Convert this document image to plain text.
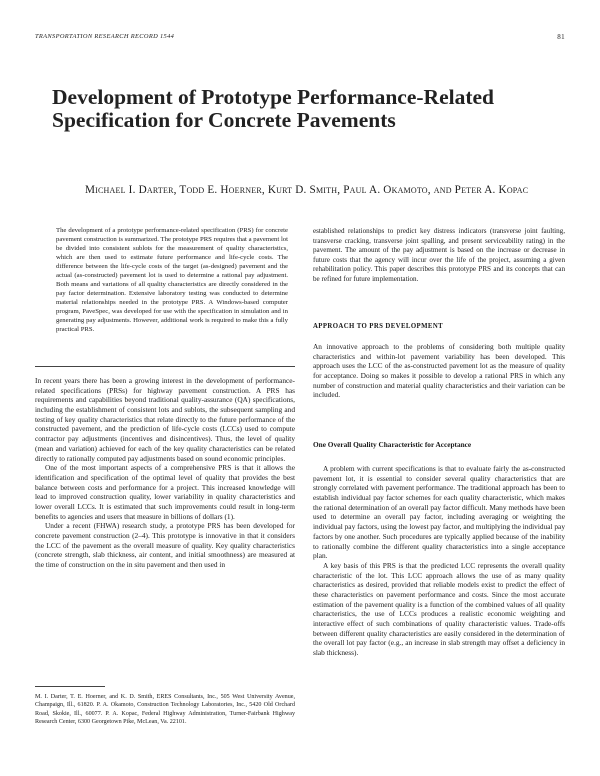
TRANSPORTATION RESEARCH RECORD 1544	81
Development of Prototype Performance-Related Specification for Concrete Pavements
Michael I. Darter, Todd E. Hoerner, Kurt D. Smith, Paul A. Okamoto, and Peter A. Kopac
The development of a prototype performance-related specification (PRS) for concrete pavement construction is summarized. The prototype PRS requires that a pavement lot be divided into consistent sublots for the measurement of quality characteristics, which are then used to estimate future performance and life-cycle costs. The difference between the life-cycle costs of the target (as-designed) pavement and the actual (as-constructed) pavement lot is used to determine a rational pay adjustment. Both means and variations of all quality characteristics are directly considered in the pay factor determination. Extensive laboratory testing was conducted to determine material relationships needed in the prototype PRS. A Windows-based computer program, PaveSpec, was developed for use with the specification in simulation and in generating pay adjustments. However, additional work is required to make this a fully practical PRS.

In recent years there has been a growing interest in the development of performance-related specifications (PRSs) for highway pavement construction. A PRS has requirements and capabilities beyond traditional quality-assurance (QA) specifications, including the establishment of consistent lots and sublots, the subsequent sampling and testing of key quality characteristics that relate directly to the future performance of the constructed pavement, and the prediction of life-cycle costs (LCCs) used to compute contractor pay adjustments (incentives and disincentives). Thus, the level of quality (mean and variation) achieved for each of the key quality characteristics can be related directly to rationally computed pay adjustments based on sound economic principles.

One of the most important aspects of a comprehensive PRS is that it allows the identification and specification of the optimal level of quality that provides the best balance between costs and performance for a project. This increased knowledge will lead to improved construction quality, lower variability in quality characteristics and lower overall LCCs. It is estimated that such improvements could result in long-term benefits to agencies and users that measure in billions of dollars (1).

Under a recent (FHWA) research study, a prototype PRS has been developed for concrete pavement construction (2–4). This prototype is innovative in that it considers the LCC of the pavement as the overall measure of quality. Key quality characteristics (concrete strength, slab thickness, air content, and initial smoothness) are measured at the time of construction on the in situ pavement and then used in

M. I. Darter, T. E. Hoerner, and K. D. Smith, ERES Consultants, Inc., 505 West University Avenue, Champaign, Ill., 61820. P. A. Okamoto, Construction Technology Laboratories, Inc., 5420 Old Orchard Road, Skokie, Ill., 60077. P. A. Kopac, Federal Highway Administration, Turner-Fairbank Highway Research Center, 6300 Georgetown Pike, McLean, Va. 22101.
established relationships to predict key distress indicators (transverse joint faulting, transverse cracking, transverse joint spalling, and present serviceability rating) in the pavement. The amount of the pay adjustment is based on the increase or decrease in future costs that the agency will incur over the life of the project, assuming a given rehabilitation policy. This paper describes this prototype PRS and its concepts that can be refined for future implementation.
APPROACH TO PRS DEVELOPMENT

An innovative approach to the problems of considering both multiple quality characteristics and within-lot pavement variability has been developed. This approach uses the LCC of the as-constructed pavement lot as the measure of quality for acceptance. Doing so makes it possible to develop a rational PRS in which any number of construction and material quality characteristics and their variation can be included.

One Overall Quality Characteristic for Acceptance

A problem with current specifications is that to evaluate fairly the as-constructed pavement lot, it is essential to consider several quality characteristics that are strongly correlated with pavement performance. The traditional approach has been to establish individual pay factor schemes for each quality characteristic, which makes the rational determination of an overall pay factor difficult. Many methods have been used to determine an overall pay factor, including averaging or weighting the individual pay factors, using the lowest pay factor, and multiplying the individual pay factors by one another. Such procedures are typically applied because of the inability to rationally combine the different quality characteristics into a single acceptance plan.

A key basis of this PRS is that the predicted LCC represents the overall quality characteristic of the lot. This LCC approach allows the use of as many quality characteristics as desired, provided that reliable models exist to predict the effect of these characteristics on pavement performance and costs. Since the most accurate estimation of the pavement quality is a function of the combined values of all quality characteristics, the use of LCCs produces a realistic economic weighting and interactive effect of such combinations of quality characteristic values. Trade-offs between different quality characteristics are easily considered in the determination of the overall lot pay factor (e.g., an increase in slab strength may offset a deficiency in slab thickness).
